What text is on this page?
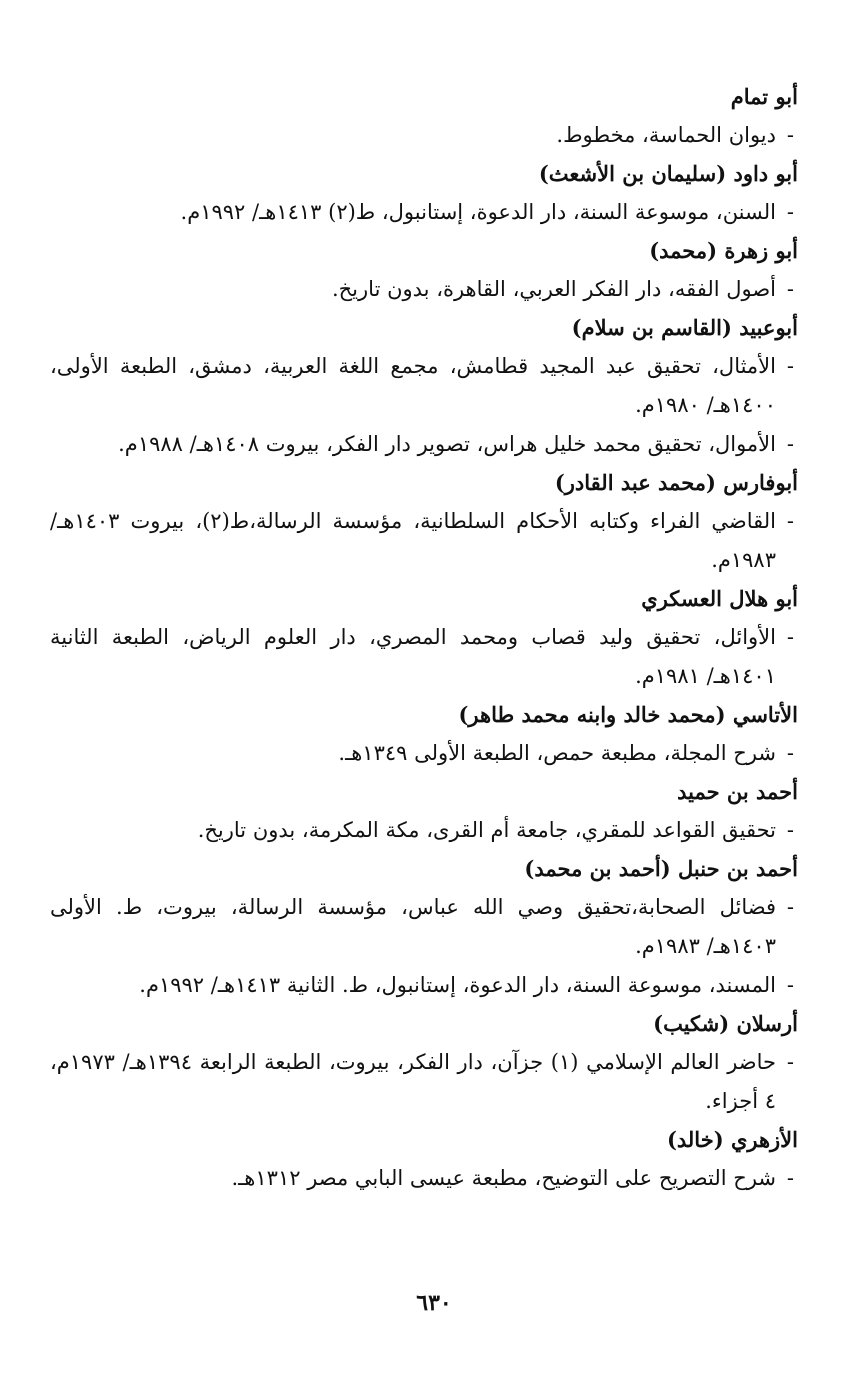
أبو تمام
- ديوان الحماسة، مخطوط.
أبو داود (سليمان بن الأشعث)
- السنن، موسوعة السنة، دار الدعوة، إستانبول، ط(٢) ١٤١٣هـ/ ١٩٩٢م.
أبو زهرة (محمد)
- أصول الفقه، دار الفكر العربي، القاهرة، بدون تاريخ.
أبوعبيد (القاسم بن سلام)
- الأمثال، تحقيق عبد المجيد قطامش، مجمع اللغة العربية، دمشق، الطبعة الأولى، ١٤٠٠هـ/ ١٩٨٠م.
- الأموال، تحقيق محمد خليل هراس، تصوير دار الفكر، بيروت ١٤٠٨هـ/ ١٩٨٨م.
أبوفارس (محمد عبد القادر)
- القاضي الفراء وكتابه الأحكام السلطانية، مؤسسة الرسالة،ط(٢)، بيروت ١٤٠٣هـ/ ١٩٨٣م.
أبو هلال العسكري
- الأوائل، تحقيق وليد قصاب ومحمد المصري، دار العلوم الرياض، الطبعة الثانية ١٤٠١هـ/ ١٩٨١م.
الأتاسي (محمد خالد وابنه محمد طاهر)
- شرح المجلة، مطبعة حمص، الطبعة الأولى ١٣٤٩هـ.
أحمد بن حميد
- تحقيق القواعد للمقري، جامعة أم القرى، مكة المكرمة، بدون تاريخ.
أحمد بن حنبل (أحمد بن محمد)
- فضائل الصحابة،تحقيق وصي الله عباس، مؤسسة الرسالة، بيروت، ط. الأولى ١٤٠٣هـ/ ١٩٨٣م.
- المسند، موسوعة السنة، دار الدعوة، إستانبول، ط. الثانية ١٤١٣هـ/ ١٩٩٢م.
أرسلان (شكيب)
- حاضر العالم الإسلامي (١) جزآن، دار الفكر، بيروت، الطبعة الرابعة ١٣٩٤هـ/ ١٩٧٣م، ٤ أجزاء.
الأزهري (خالد)
- شرح التصريح على التوضيح، مطبعة عيسى البابي مصر ١٣١٢هـ.
٦٣٠
